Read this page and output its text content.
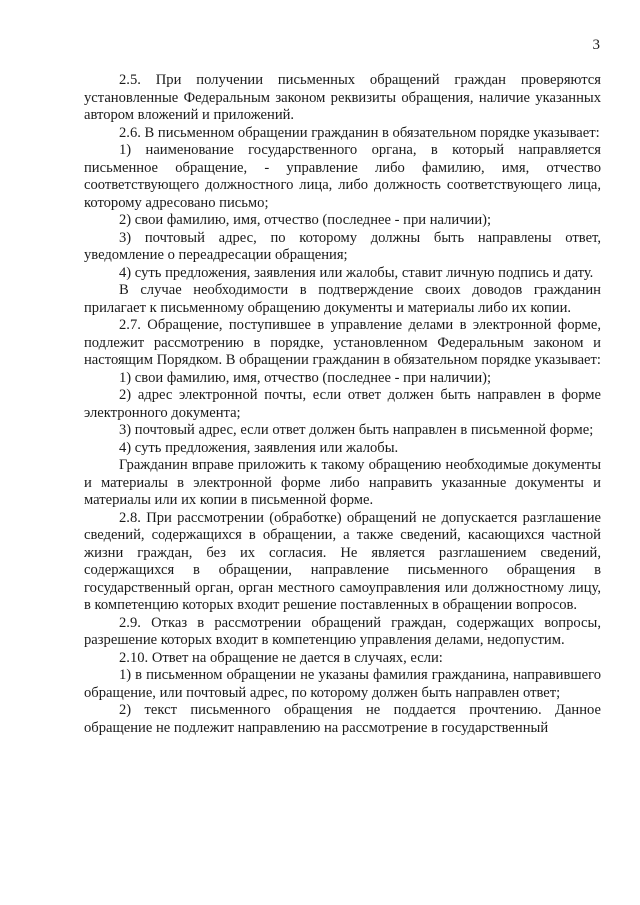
3

2.5. При получении письменных обращений граждан проверяются установленные Федеральным законом реквизиты обращения, наличие указанных автором вложений и приложений.

2.6. В письменном обращении гражданин в обязательном порядке указывает:

1) наименование государственного органа, в который направляется письменное обращение, - управление либо фамилию, имя, отчество соответствующего должностного лица, либо должность соответствующего лица, которому адресовано письмо;

2) свои фамилию, имя, отчество (последнее - при наличии);

3) почтовый адрес, по которому должны быть направлены ответ, уведомление о переадресации обращения;

4) суть предложения, заявления или жалобы, ставит личную подпись и дату.

В случае необходимости в подтверждение своих доводов гражданин прилагает к письменному обращению документы и материалы либо их копии.

2.7. Обращение, поступившее в управление делами в электронной форме, подлежит рассмотрению в порядке, установленном Федеральным законом и настоящим Порядком. В обращении гражданин в обязательном порядке указывает:

1) свои фамилию, имя, отчество (последнее - при наличии);

2) адрес электронной почты, если ответ должен быть направлен в форме электронного документа;

3) почтовый адрес, если ответ должен быть направлен в письменной форме;

4) суть предложения, заявления или жалобы.

Гражданин вправе приложить к такому обращению необходимые документы и материалы в электронной форме либо направить указанные документы и материалы или их копии в письменной форме.

2.8. При рассмотрении (обработке) обращений не допускается разглашение сведений, содержащихся в обращении, а также сведений, касающихся частной жизни граждан, без их согласия. Не является разглашением сведений, содержащихся в обращении, направление письменного обращения в государственный орган, орган местного самоуправления или должностному лицу, в компетенцию которых входит решение поставленных в обращении вопросов.

2.9. Отказ в рассмотрении обращений граждан, содержащих вопросы, разрешение которых входит в компетенцию управления делами, недопустим.

2.10. Ответ на обращение не дается в случаях, если:

1) в письменном обращении не указаны фамилия гражданина, направившего обращение, или почтовый адрес, по которому должен быть направлен ответ;

2) текст письменного обращения не поддается прочтению. Данное обращение не подлежит направлению на рассмотрение в государственный
